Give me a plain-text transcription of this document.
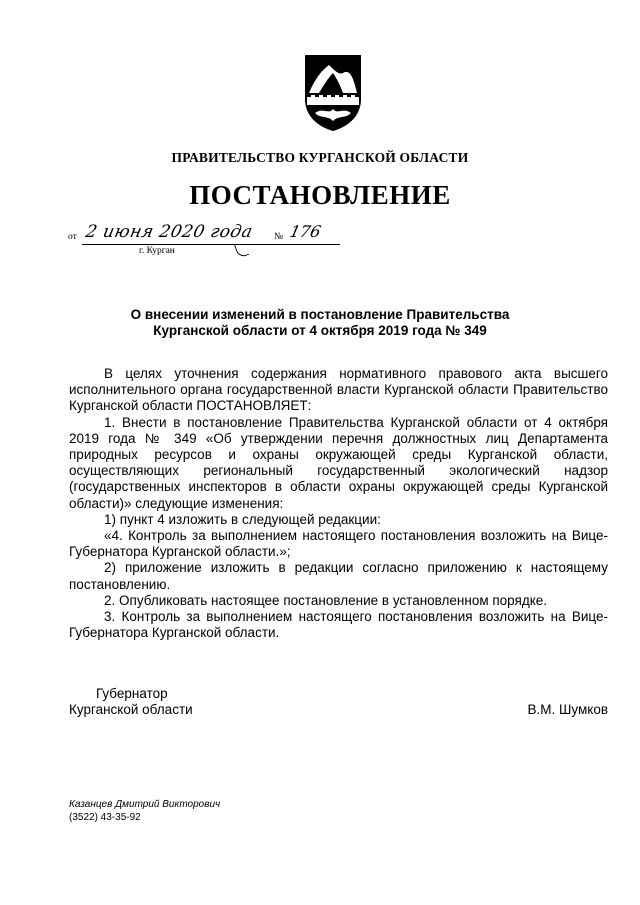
ПРАВИТЕЛЬСТВО КУРГАНСКОЙ ОБЛАСТИ
ПОСТАНОВЛЕНИЕ
от 2 июня 2020 года № 176
г. Курган
О внесении изменений в постановление Правительства
Курганской области от 4 октября 2019 года № 349

В целях уточнения содержания нормативного правового акта высшего исполнительного органа государственной власти Курганской области Правительство Курганской области ПОСТАНОВЛЯЕТ:

1. Внести в постановление Правительства Курганской области от 4 октября 2019 года № 349 «Об утверждении перечня должностных лиц Департамента природных ресурсов и охраны окружающей среды Курганской области, осуществляющих региональный государственный экологический надзор (государственных инспекторов в области охраны окружающей среды Курганской области)» следующие изменения:

1) пункт 4 изложить в следующей редакции:

«4. Контроль за выполнением настоящего постановления возложить на Вице-Губернатора Курганской области.»;

2) приложение изложить в редакции согласно приложению к настоящему постановлению.

2. Опубликовать настоящее постановление в установленном порядке.

3. Контроль за выполнением настоящего постановления возложить на Вице-Губернатора Курганской области.

Губернатор
Курганской области	В.М. Шумков
Казанцев Дмитрий Викторович
(3522) 43-35-92
